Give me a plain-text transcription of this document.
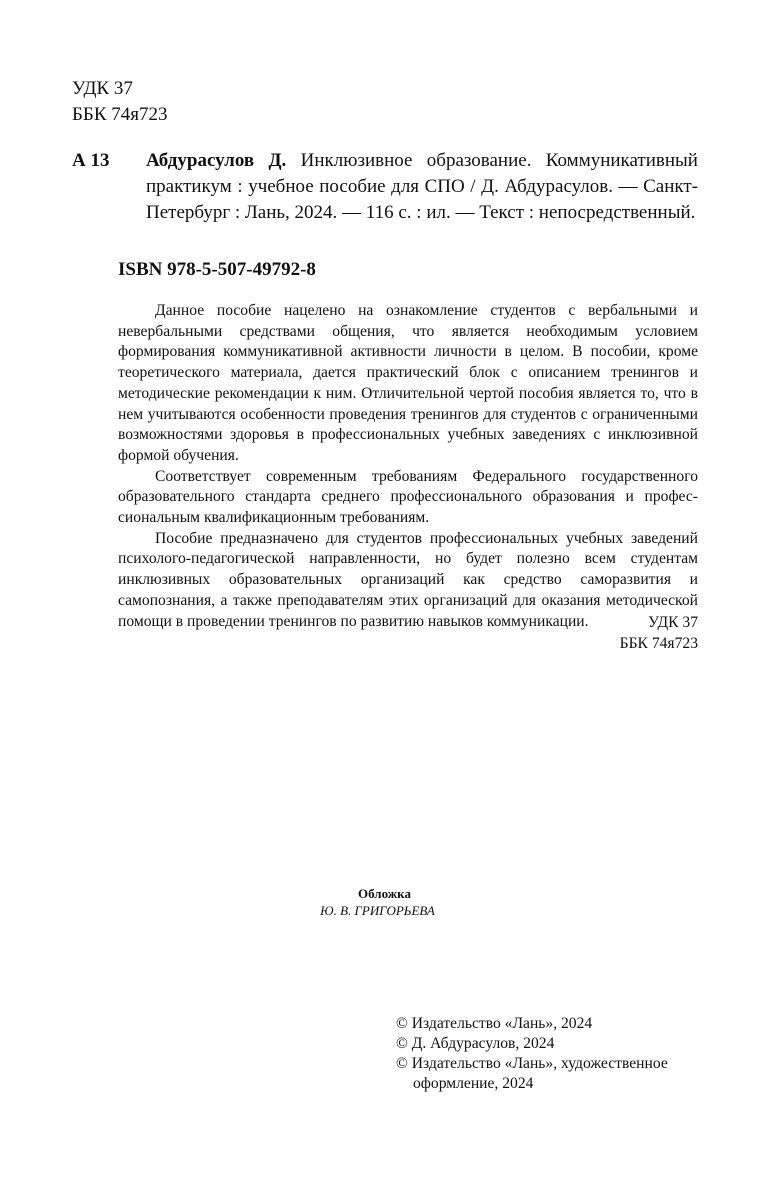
УДК 37
ББК 74я723
А 13 Абдурасулов Д. Инклюзивное образование. Коммуникативный практикум : учебное пособие для СПО / Д. Абдурасулов. — Санкт-Петербург : Лань, 2024. — 116 с. : ил. — Текст : непосредственный.
ISBN 978-5-507-49792-8

Данное пособие нацелено на ознакомление студентов с вербальными и невербальными средствами общения, что является необходимым условием формирования коммуникативной активности личности в целом. В пособии, кроме теоретического материала, дается практический блок с описанием тренингов и методические рекомендации к ним. Отличительной чертой пособия является то, что в нем учитываются особенности проведения тренингов для студентов с ограниченными возможностями здоровья в профессиональных учебных заведениях с инклюзивной формой обучения.

Соответствует современным требованиям Федерального государственного образовательного стандарта среднего профессионального образования и профессиональным квалификационным требованиям.

Пособие предназначено для студентов профессиональных учебных заведений психолого-педагогической направленности, но будет полезно всем студентам инклюзивных образовательных организаций как средство саморазвития и самопознания, а также преподавателям этих организаций для оказания методической помощи в проведении тренингов по развитию навыков коммуникации.	УДК 37
ББК 74я723
Обложка
Ю. В. ГРИГОРЬЕВА
© Издательство «Лань», 2024
© Д. Абдурасулов, 2024
© Издательство «Лань», художественное
оформление, 2024
